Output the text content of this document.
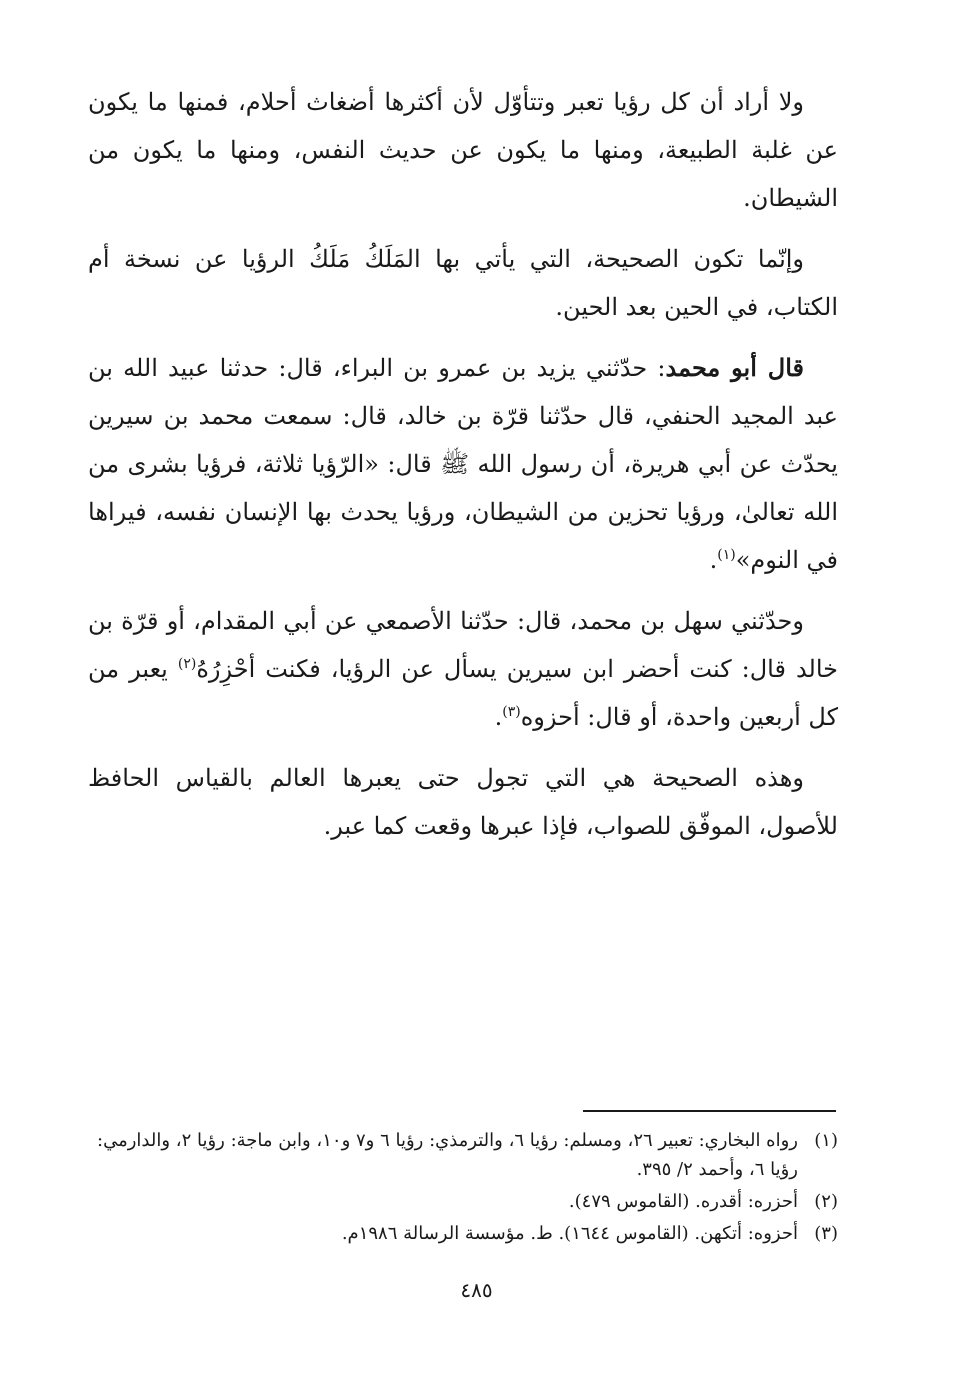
ولا أراد أن كل رؤيا تعبر وتتأوّل لأن أكثرها أضغاث أحلام، فمنها ما يكون عن غلبة الطبيعة، ومنها ما يكون عن حديث النفس، ومنها ما يكون من الشيطان.

وإنّما تكون الصحيحة، التي يأتي بها المَلَكُ مَلَكُ الرؤيا عن نسخة أم الكتاب، في الحين بعد الحين.

قال أبو محمد: حدّثني يزيد بن عمرو بن البراء، قال: حدثنا عبيد الله بن عبد المجيد الحنفي، قال حدّثنا قرّة بن خالد، قال: سمعت محمد بن سيرين يحدّث عن أبي هريرة، أن رسول الله ﷺ قال: «الرّؤيا ثلاثة، فرؤيا بشرى من الله تعالىٰ، ورؤيا تحزين من الشيطان، ورؤيا يحدث بها الإنسان نفسه، فيراها في النوم»$^{(١)}$.

وحدّثني سهل بن محمد، قال: حدّثنا الأصمعي عن أبي المقدام، أو قرّة بن خالد قال: كنت أحضر ابن سيرين يسأل عن الرؤيا، فكنت أحْزِرُهُ$^{(٢)}$ يعبر من كل أربعين واحدة، أو قال: أحزوه$^{(٣)}$.

وهذه الصحيحة هي التي تجول حتى يعبرها العالم بالقياس الحافظ للأصول، الموفّق للصواب، فإذا عبرها وقعت كما عبر.

(١)
رواه البخاري: تعبير ٢٦، ومسلم: رؤيا ٦، والترمذي: رؤيا ٦ و٧ و١٠، وابن ماجة: رؤيا ٢، والدارمي: رؤيا ٦، وأحمد ٢/ ٣٩٥.
(٢)
أحزره: أقدره. (القاموس ٤٧٩).
(٣)
أحزوه: أتكهن. (القاموس ١٦٤٤). ط. مؤسسة الرسالة ١٩٨٦م.
٤٨٥
